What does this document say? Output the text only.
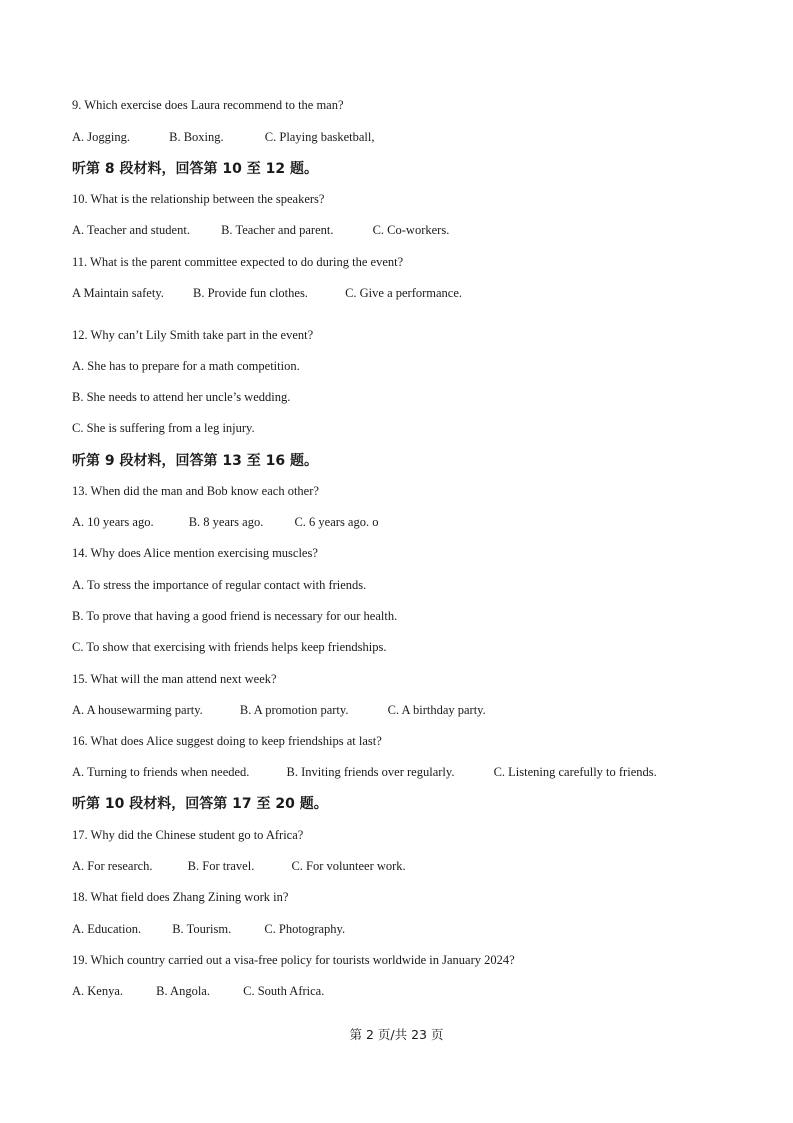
9. Which exercise does Laura recommend to the man?
A. Jogging.	B. Boxing.	C. Playing basketball,
听第 8 段材料，回答第 10 至 12 题。
10. What is the relationship between the speakers?
A. Teacher and student. B. Teacher and parent.	C. Co-workers.
11. What is the parent committee expected to do during the event?
A Maintain safety. B. Provide fun clothes.	C. Give a performance.
12. Why can’t Lily Smith take part in the event?
A. She has to prepare for a math competition.
B. She needs to attend her uncle’s wedding.
C. She is suffering from a leg injury.
听第 9 段材料，回答第 13 至 16 题。
13. When did the man and Bob know each other?
A. 10 years ago.	B. 8 years ago. C. 6 years ago. o
14. Why does Alice mention exercising muscles?
A. To stress the importance of regular contact with friends.
B. To prove that having a good friend is necessary for our health.
C. To show that exercising with friends helps keep friendships.
15. What will the man attend next week?
A. A housewarming party.	B. A promotion party.	C. A birthday party.
16. What does Alice suggest doing to keep friendships at last?
A. Turning to friends when needed.	B. Inviting friends over regularly.	C. Listening carefully to friends.
听第 10 段材料，回答第 17 至 20 题。
17. Why did the Chinese student go to Africa?
A. For research.	B. For travel.	C. For volunteer work.
18. What field does Zhang Zining work in?
A. Education. B. Tourism.	C. Photography.
19. Which country carried out a visa-free policy for tourists worldwide in January 2024?
A. Kenya.	B. Angola.	C. South Africa.
第 2 页/共 23 页
